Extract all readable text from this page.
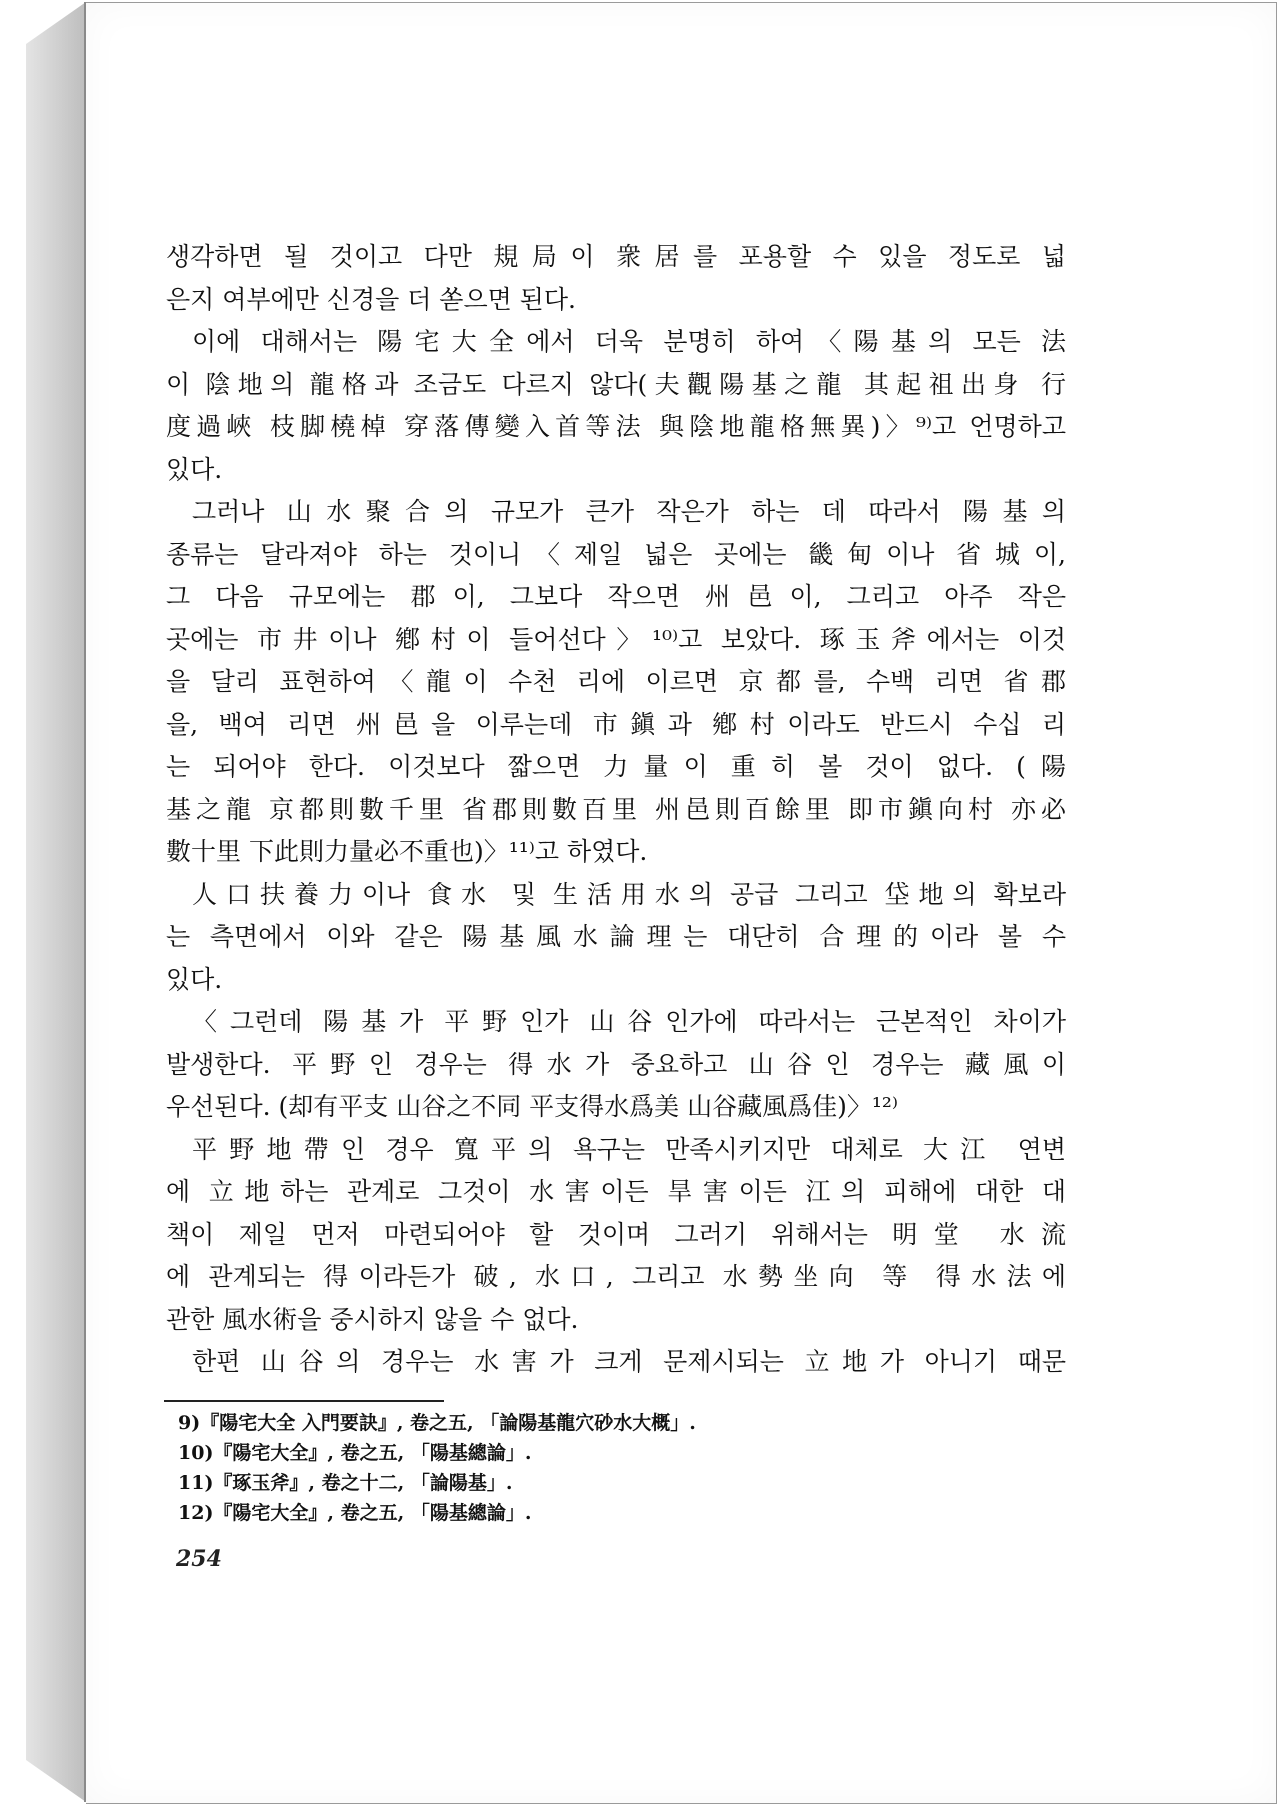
생각하면 될 것이고 다만 規局이 衆居를 포용할 수 있을 정도로 넓
은지 여부에만 신경을 더 쏟으면 된다.
이에 대해서는 陽宅大全에서 더욱 분명히 하여〈陽基의 모든 法
이 陰地의 龍格과 조금도 다르지 않다(夫觀陽基之龍 其起祖出身 行
度過峽 枝脚橈棹 穿落傳變入首等法 與陰地龍格無異)〉⁹⁾고 언명하고
있다.
그러나 山水聚合의 규모가 큰가 작은가 하는 데 따라서 陽基의
종류는 달라져야 하는 것이니〈제일 넓은 곳에는 畿甸이나 省城이,
그 다음 규모에는 郡이, 그보다 작으면 州邑이, 그리고 아주 작은
곳에는 市井이나 鄕村이 들어선다〉¹⁰⁾고 보았다. 琢玉斧에서는 이것
을 달리 표현하여〈龍이 수천 리에 이르면 京都를, 수백 리면 省郡
을, 백여 리면 州邑을 이루는데 市鎭과 鄕村이라도 반드시 수십 리
는 되어야 한다. 이것보다 짧으면 力量이 重히 볼 것이 없다. (陽
基之龍 京都則數千里 省郡則數百里 州邑則百餘里 即市鎭向村 亦必
數十里 下此則力量必不重也)〉¹¹⁾고 하였다.
人口扶養力이나 食水 및 生活用水의 공급 그리고 垈地의 확보라
는 측면에서 이와 같은 陽基風水論理는 대단히 合理的이라 볼 수
있다.
〈그런데 陽基가 平野인가 山谷인가에 따라서는 근본적인 차이가
발생한다. 平野인 경우는 得水가 중요하고 山谷인 경우는 藏風이
우선된다. (却有平支 山谷之不同 平支得水爲美 山谷藏風爲佳)〉¹²⁾
平野地帶인 경우 寬平의 욕구는 만족시키지만 대체로 大江 연변
에 立地하는 관계로 그것이 水害이든 旱害이든 江의 피해에 대한 대
책이 제일 먼저 마련되어야 할 것이며 그러기 위해서는 明堂 水流
에 관계되는 得이라든가 破, 水口, 그리고 水勢坐向 等 得水法에
관한 風水術을 중시하지 않을 수 없다.
한편 山谷의 경우는 水害가 크게 문제시되는 立地가 아니기 때문
9)『陽宅大全 入門要訣』, 卷之五, 「論陽基龍穴砂水大概」.
10)『陽宅大全』, 卷之五, 「陽基總論」.
11)『琢玉斧』, 卷之十二, 「論陽基」.
12)『陽宅大全』, 卷之五, 「陽基總論」.
254
